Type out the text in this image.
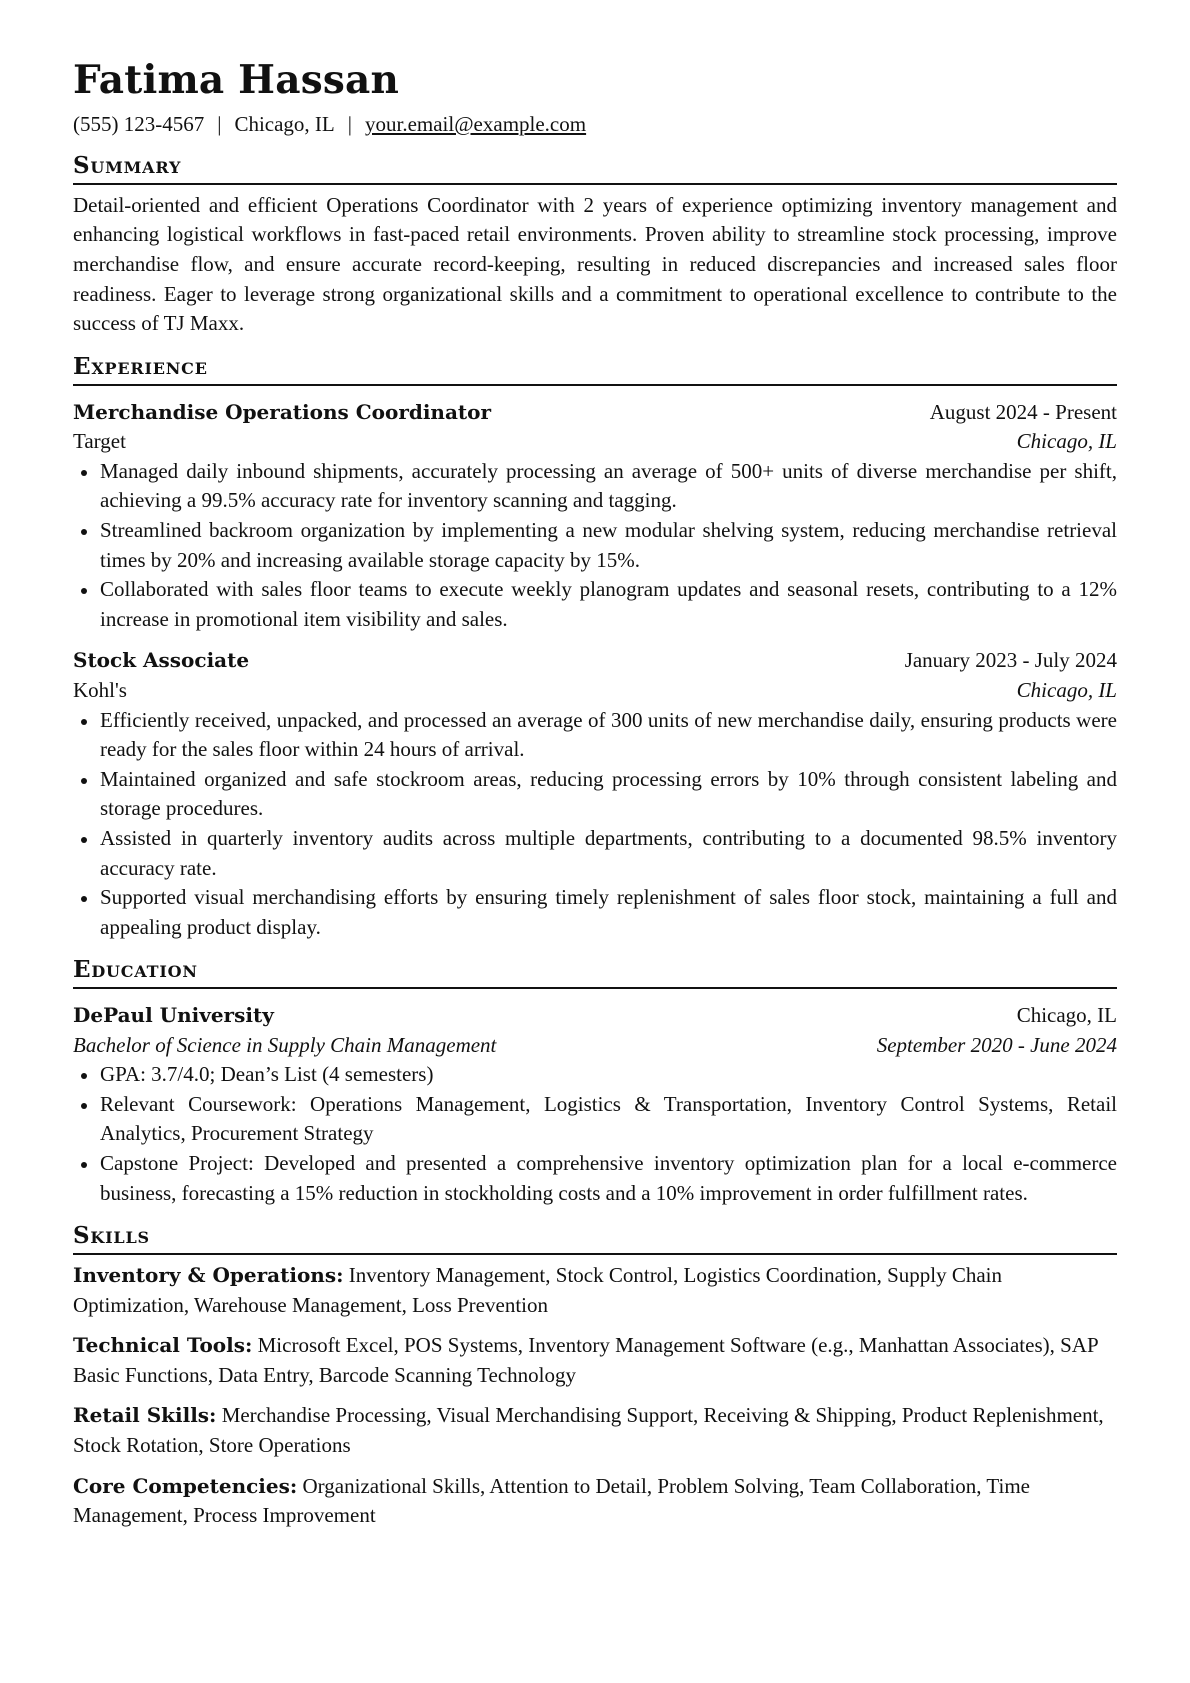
Fatima Hassan
(555) 123-4567 | Chicago, IL | your.email@example.com
Summary
Detail-oriented and efficient Operations Coordinator with 2 years of experience optimizing inventory management and enhancing logistical workflows in fast-paced retail environments. Proven ability to streamline stock processing, improve merchandise flow, and ensure accurate record-keeping, resulting in reduced discrepancies and increased sales floor readiness. Eager to leverage strong organizational skills and a commitment to operational excellence to contribute to the success of TJ Maxx.
Experience
Merchandise Operations Coordinator	August 2024 - Present
Target	Chicago, IL
Managed daily inbound shipments, accurately processing an average of 500+ units of diverse merchandise per shift, achieving a 99.5% accuracy rate for inventory scanning and tagging.
Streamlined backroom organization by implementing a new modular shelving system, reducing merchandise retrieval times by 20% and increasing available storage capacity by 15%.
Collaborated with sales floor teams to execute weekly planogram updates and seasonal resets, contributing to a 12% increase in promotional item visibility and sales.
Stock Associate	January 2023 - July 2024
Kohl's	Chicago, IL
Efficiently received, unpacked, and processed an average of 300 units of new merchandise daily, ensuring products were ready for the sales floor within 24 hours of arrival.
Maintained organized and safe stockroom areas, reducing processing errors by 10% through consistent labeling and storage procedures.
Assisted in quarterly inventory audits across multiple departments, contributing to a documented 98.5% inventory accuracy rate.
Supported visual merchandising efforts by ensuring timely replenishment of sales floor stock, maintaining a full and appealing product display.
Education
DePaul University	Chicago, IL
Bachelor of Science in Supply Chain Management	September 2020 - June 2024
GPA: 3.7/4.0; Dean’s List (4 semesters)
Relevant Coursework: Operations Management, Logistics & Transportation, Inventory Control Systems, Retail Analytics, Procurement Strategy
Capstone Project: Developed and presented a comprehensive inventory optimization plan for a local e-commerce business, forecasting a 15% reduction in stockholding costs and a 10% improvement in order fulfillment rates.
Skills
Inventory & Operations: Inventory Management, Stock Control, Logistics Coordination, Supply Chain Optimization, Warehouse Management, Loss Prevention
Technical Tools: Microsoft Excel, POS Systems, Inventory Management Software (e.g., Manhattan Associates), SAP Basic Functions, Data Entry, Barcode Scanning Technology
Retail Skills: Merchandise Processing, Visual Merchandising Support, Receiving & Shipping, Product Replenishment, Stock Rotation, Store Operations
Core Competencies: Organizational Skills, Attention to Detail, Problem Solving, Team Collaboration, Time Management, Process Improvement
